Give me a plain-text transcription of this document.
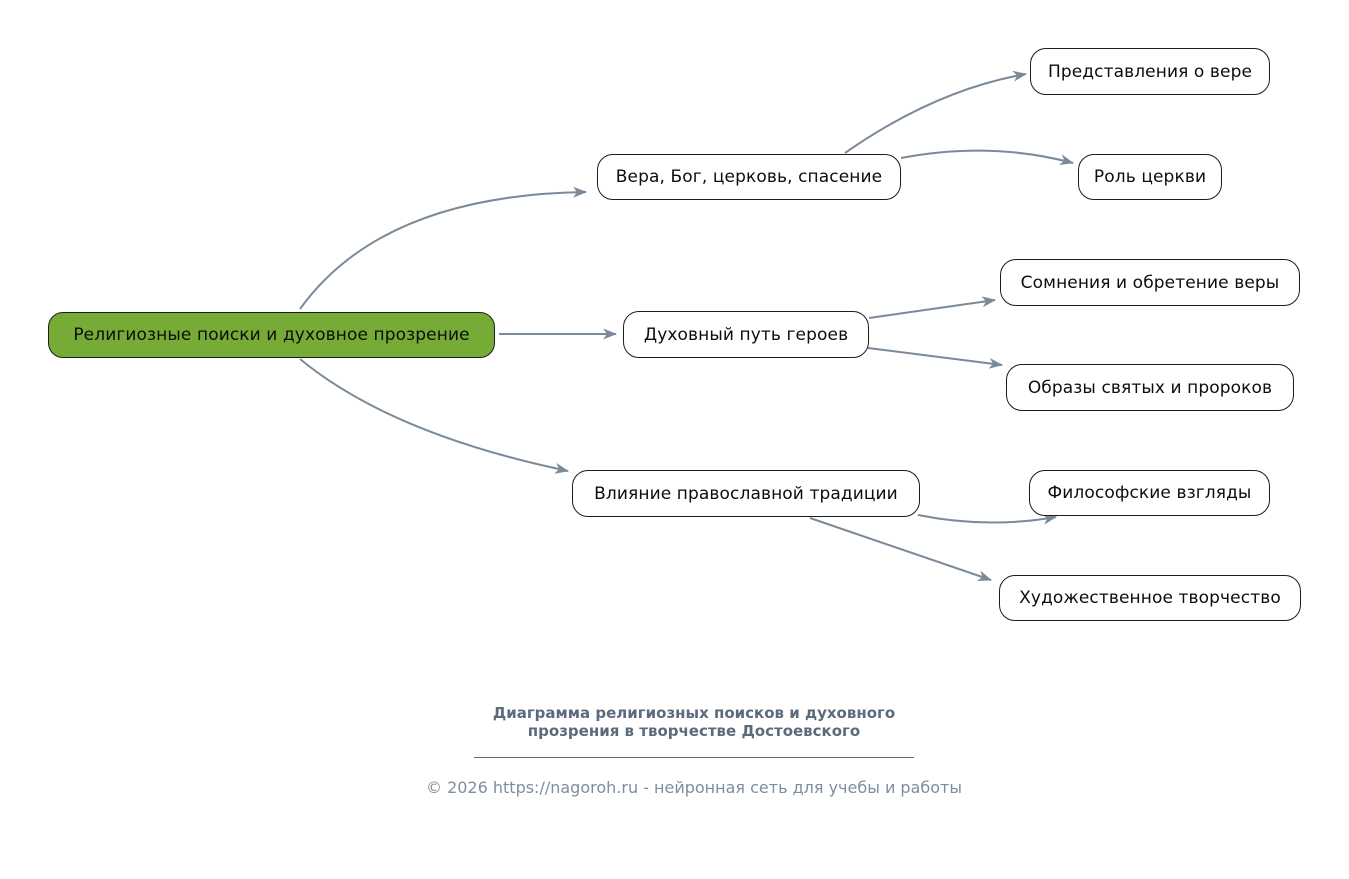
Религиозные поиски и духовное прозрение
Вера, Бог, церковь, спасение
Духовный путь героев
Влияние православной традиции
Представления о вере
Роль церкви
Сомнения и обретение веры
Образы святых и пророков
Философские взгляды
Художественное творчество
Диаграмма религиозных поисков и духовного
прозрения в творчестве Достоевского
© 2026 https://nagoroh.ru - нейронная сеть для учебы и работы
